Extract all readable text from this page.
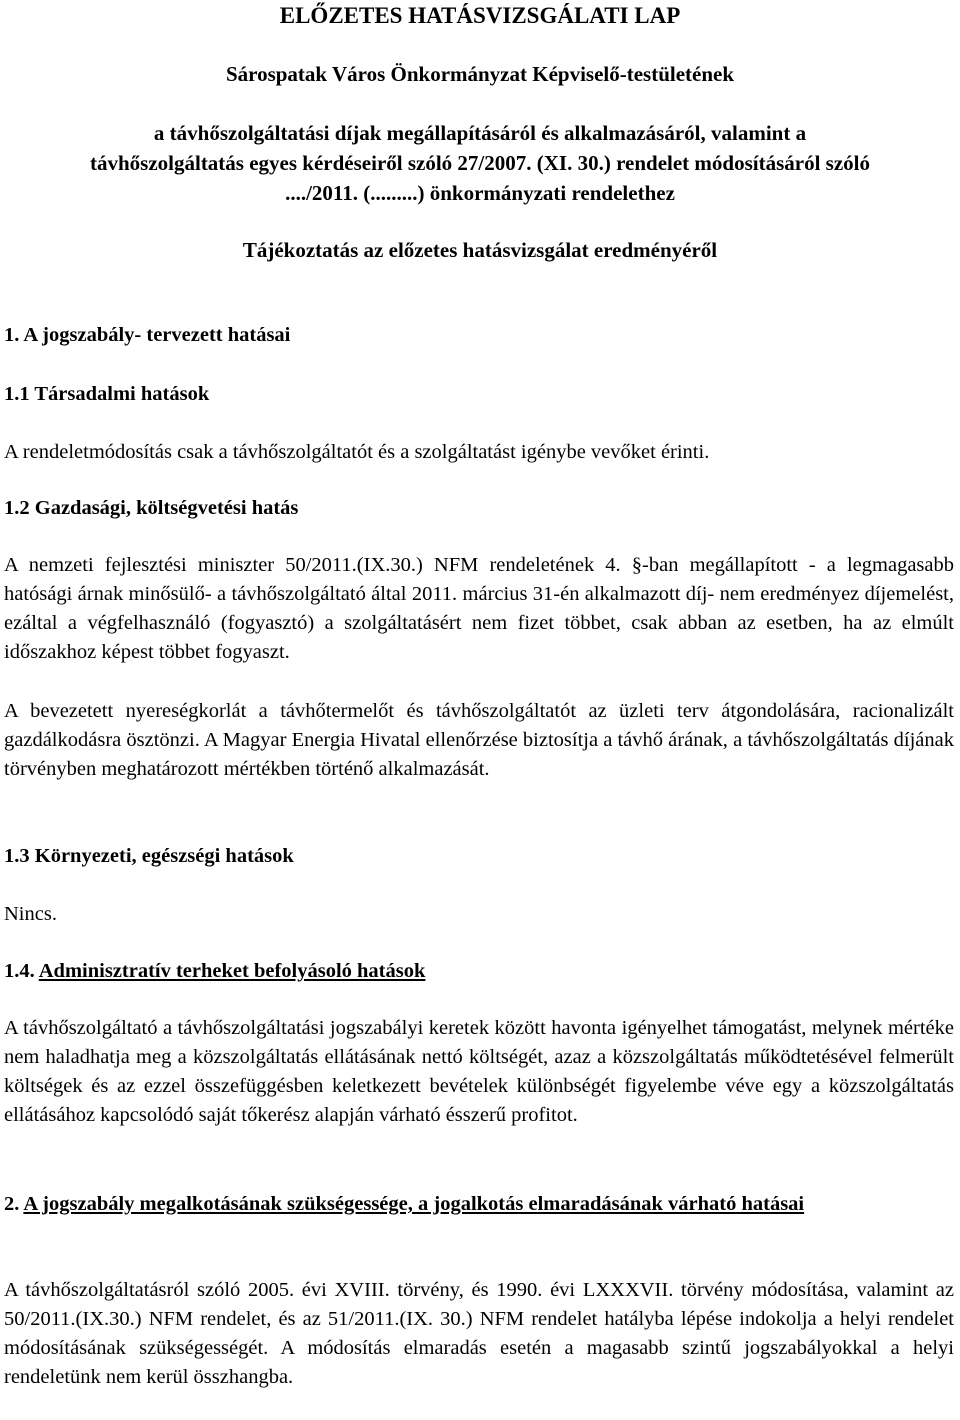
ELŐZETES HATÁSVIZSGÁLATI LAP
Sárospatak Város Önkormányzat Képviselő-testületének
a távhőszolgáltatási díjak megállapításáról és alkalmazásáról, valamint a
távhőszolgáltatás egyes kérdéseiről szóló 27/2007. (XI. 30.) rendelet módosításáról szóló
..../2011. (.........) önkormányzati rendelethez
Tájékoztatás az előzetes hatásvizsgálat eredményéről
1. A jogszabály- tervezett hatásai
1.1 Társadalmi hatások
A rendeletmódosítás csak a távhőszolgáltatót és a szolgáltatást igénybe vevőket érinti.
1.2 Gazdasági, költségvetési hatás
A nemzeti fejlesztési miniszter 50/2011.(IX.30.) NFM rendeletének 4. §-ban megállapított - a legmagasabb hatósági árnak minősülő- a távhőszolgáltató által 2011. március 31-én alkalmazott díj- nem eredményez díjemelést, ezáltal a végfelhasználó (fogyasztó) a szolgáltatásért nem fizet többet, csak abban az esetben, ha az elmúlt időszakhoz képest többet fogyaszt.
A bevezetett nyereségkorlát a távhőtermelőt és távhőszolgáltatót az üzleti terv átgondolására, racionalizált gazdálkodásra ösztönzi. A Magyar Energia Hivatal ellenőrzése biztosítja a távhő árának, a távhőszolgáltatás díjának törvényben meghatározott mértékben történő alkalmazását.
1.3 Környezeti, egészségi hatások
Nincs.
1.4. Adminisztratív terheket befolyásoló hatások
A távhőszolgáltató a távhőszolgáltatási jogszabályi keretek között havonta igényelhet támogatást, melynek mértéke nem haladhatja meg a közszolgáltatás ellátásának nettó költségét, azaz a közszolgáltatás működtetésével felmerült költségek és az ezzel összefüggésben keletkezett bevételek különbségét figyelembe véve egy a közszolgáltatás ellátásához kapcsolódó saját tőkerész alapján várható ésszerű profitot.
2. A jogszabály megalkotásának szükségessége, a jogalkotás elmaradásának várható hatásai
A távhőszolgáltatásról szóló 2005. évi XVIII. törvény, és 1990. évi LXXXVII. törvény módosítása, valamint az 50/2011.(IX.30.) NFM rendelet, és az 51/2011.(IX. 30.) NFM rendelet hatályba lépése indokolja a helyi rendelet módosításának szükségességét. A módosítás elmaradás esetén a magasabb szintű jogszabályokkal a helyi rendeletünk nem kerül összhangba.
